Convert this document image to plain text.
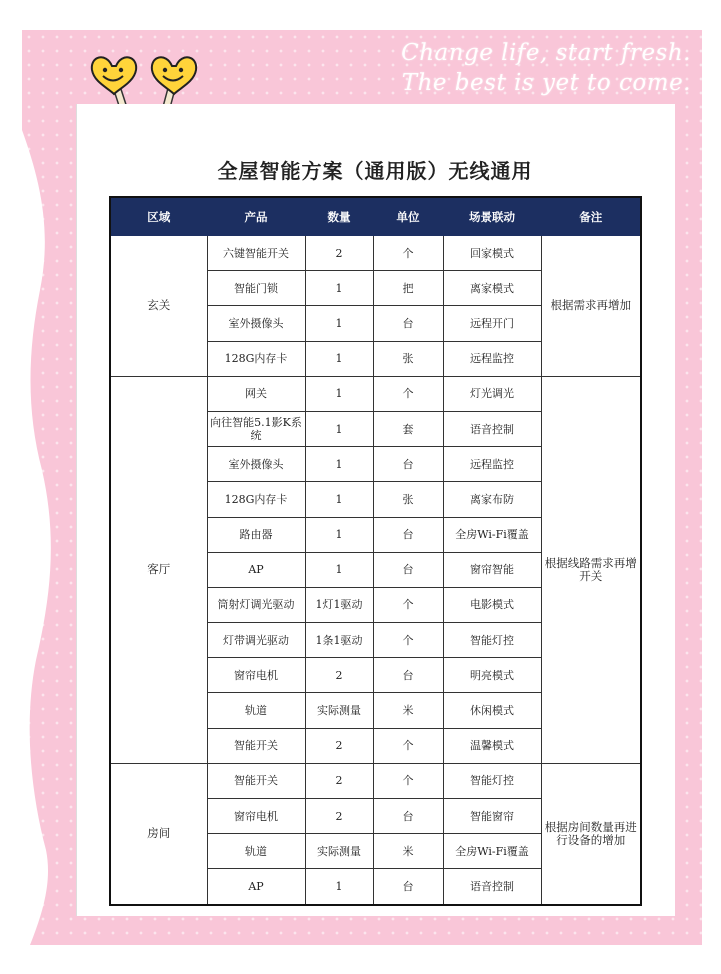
Change life, start fresh.
The best is yet to come.
全屋智能方案（通用版）无线通用
区域	产品	数量	单位	场景联动	备注
玄关	六键智能开关	2	个	回家模式	根据需求再增加
	智能门锁	1	把	离家模式	
	室外摄像头	1	台	远程开门	
	128G内存卡	1	张	远程监控	
客厅	网关	1	个	灯光调光	根据线路需求再增开关
	向往智能5.1影K系统	1	套	语音控制	
	室外摄像头	1	台	远程监控	
	128G内存卡	1	张	离家布防	
	路由器	1	台	全房Wi-Fi覆盖	
	AP	1	台	窗帘智能	
	筒射灯调光驱动	1灯1驱动	个	电影模式	
	灯带调光驱动	1条1驱动	个	智能灯控	
	窗帘电机	2	台	明亮模式	
	轨道	实际测量	米	休闲模式	
	智能开关	2	个	温馨模式	
房间	智能开关	2	个	智能灯控	根据房间数量再进行设备的增加
	窗帘电机	2	台	智能窗帘	
	轨道	实际测量	米	全房Wi-Fi覆盖	
	AP	1	台	语音控制	
